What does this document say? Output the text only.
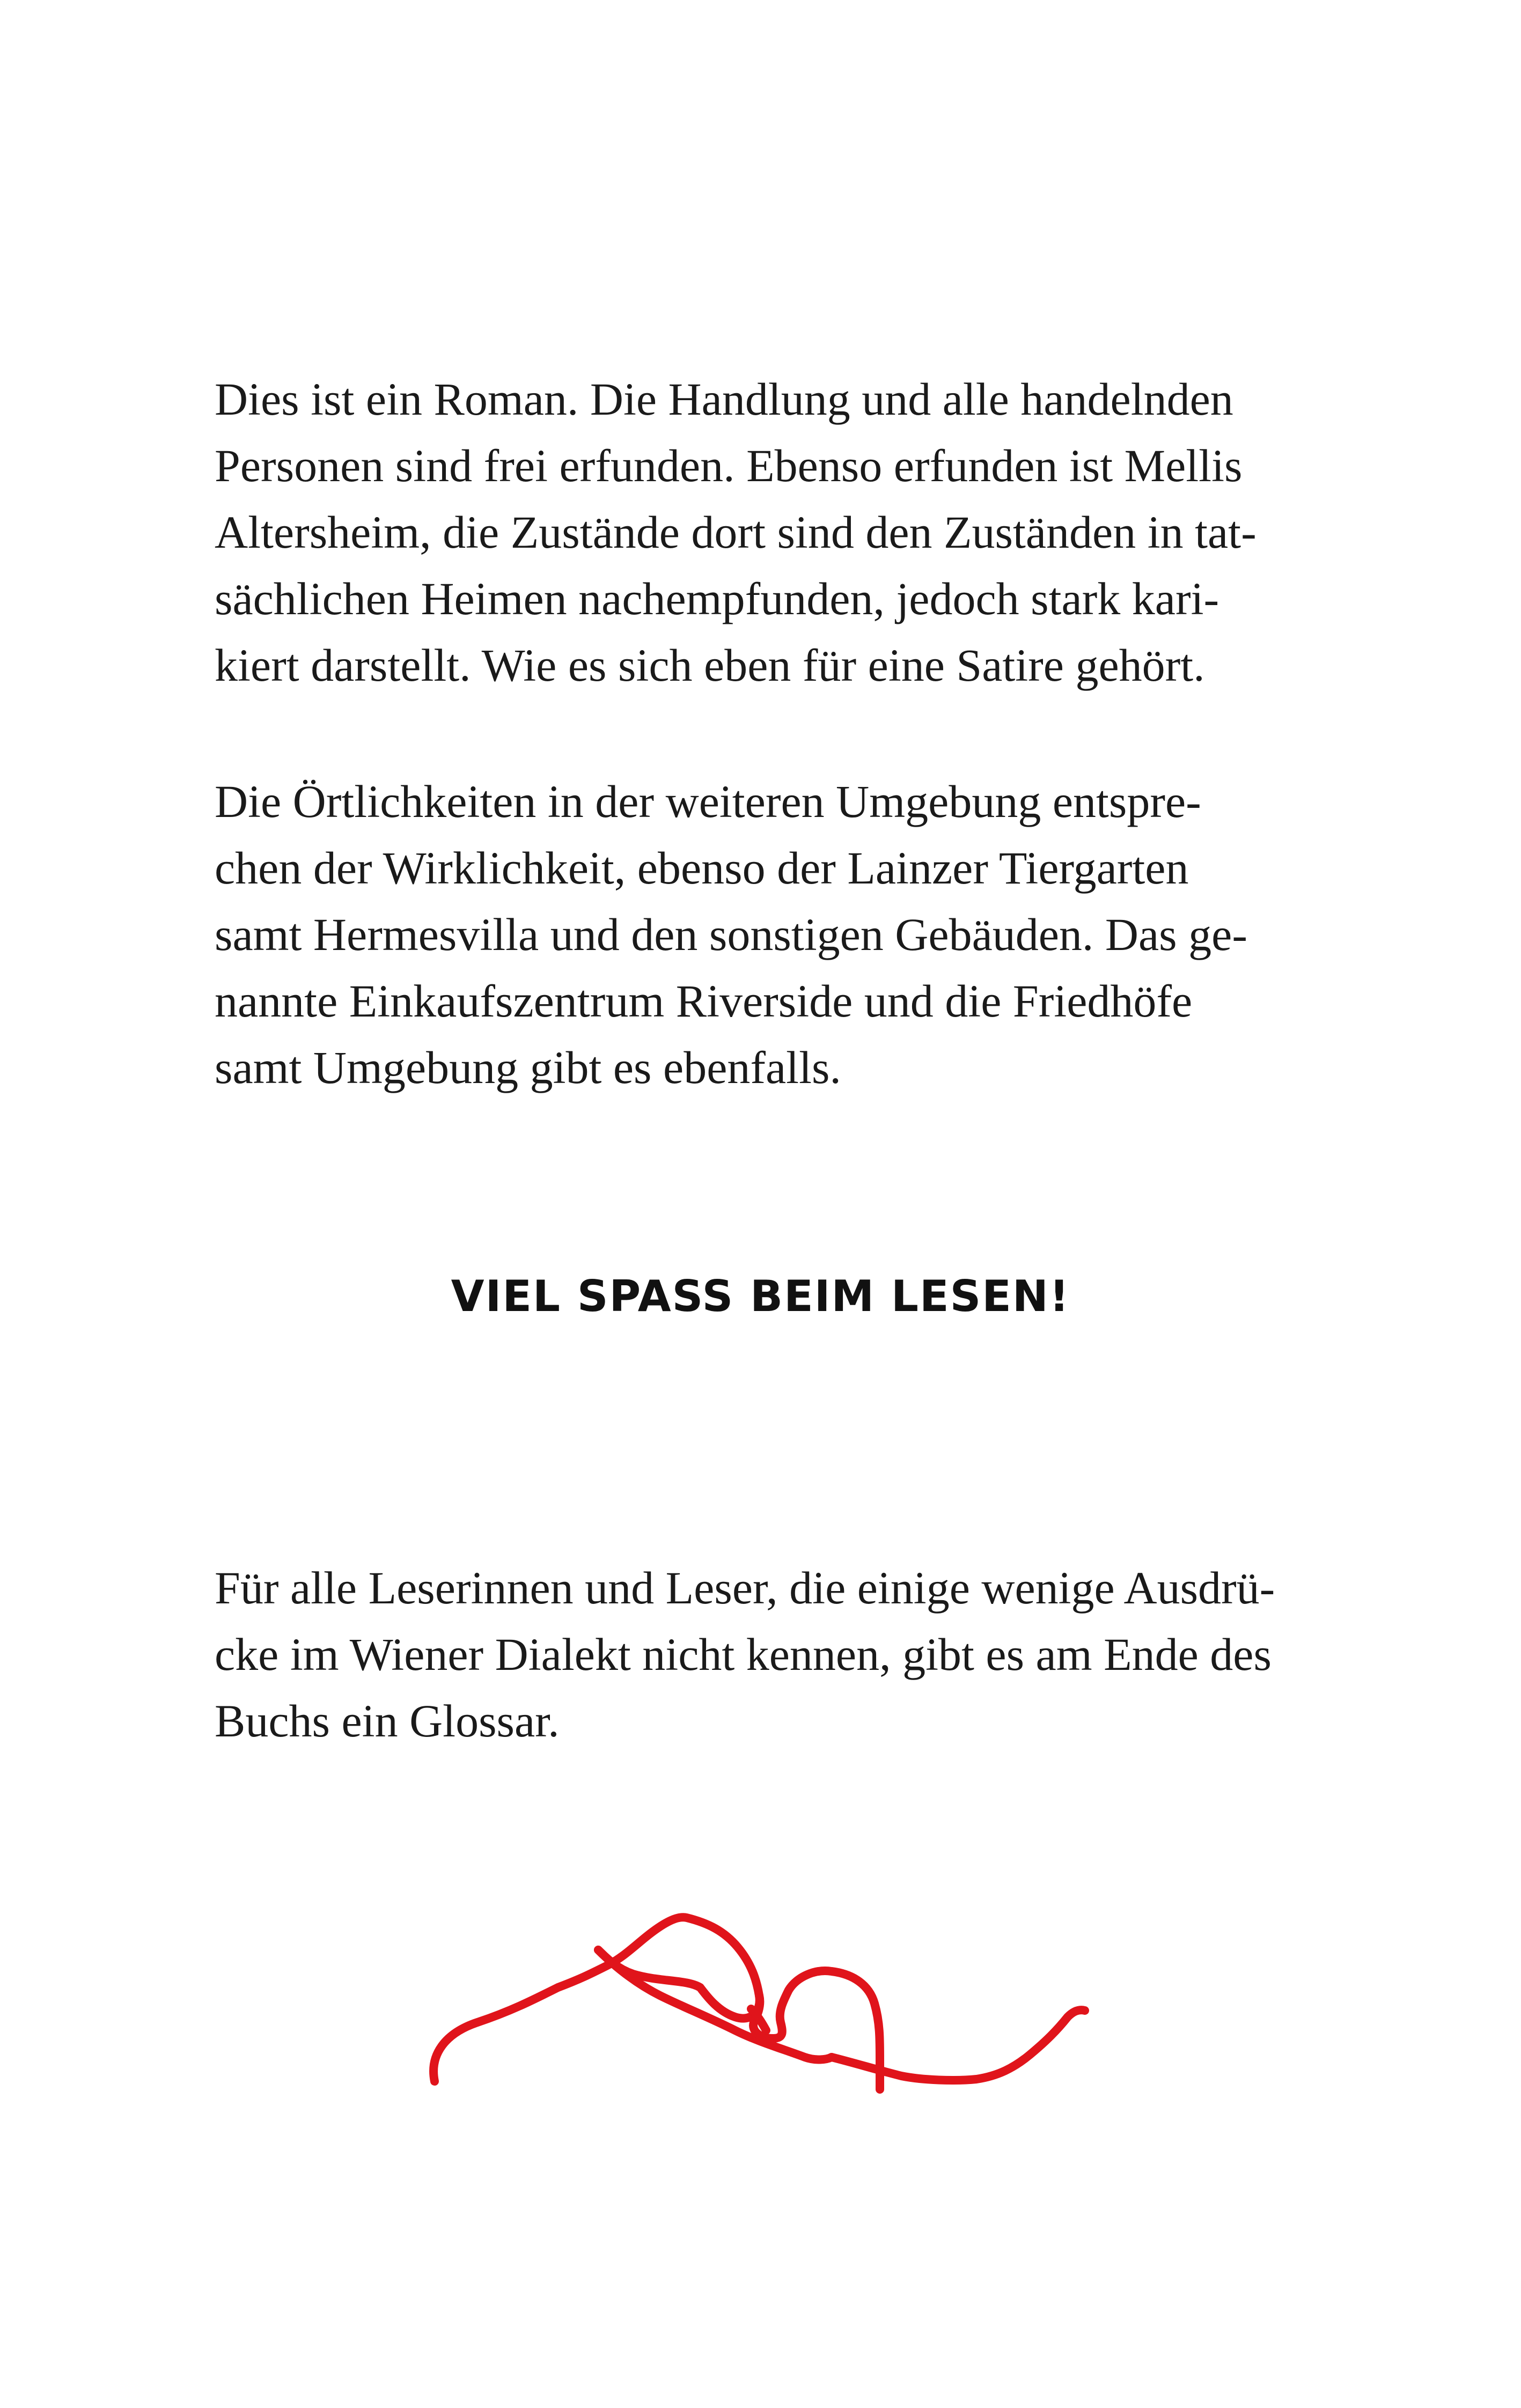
Dies ist ein Roman. Die Handlung und alle handelnden
Personen sind frei erfunden. Ebenso erfunden ist Mellis
Altersheim, die Zustände dort sind den Zuständen in tat-
sächlichen Heimen nachempfunden, jedoch stark kari-
kiert darstellt. Wie es sich eben für eine Satire gehört.

Die Örtlichkeiten in der weiteren Umgebung entspre-
chen der Wirklichkeit, ebenso der Lainzer Tiergarten
samt Hermesvilla und den sonstigen Gebäuden. Das ge-
nannte Einkaufszentrum Riverside und die Friedhöfe
samt Umgebung gibt es ebenfalls.

VIEL SPASS BEIM LESEN!

Für alle Leserinnen und Leser, die einige wenige Ausdrü-
cke im Wiener Dialekt nicht kennen, gibt es am Ende des
Buchs ein Glossar.
